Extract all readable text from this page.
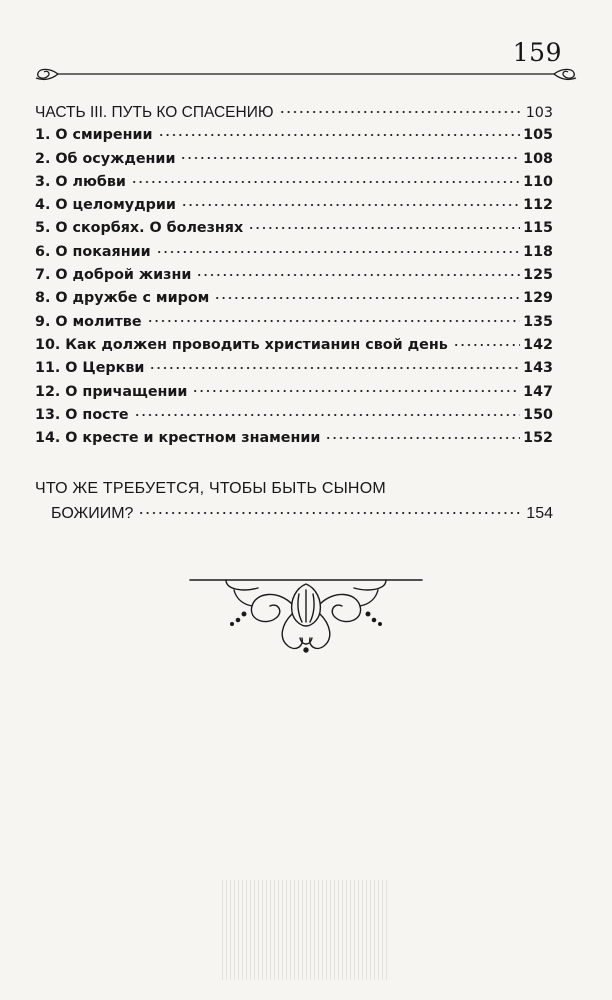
159
ЧАСТЬ III. ПУТЬ КО СПАСЕНИЮ	103
1. О смирении	105
2. Об осуждении	108
3. О любви	110
4. О целомудрии	112
5. О скорбях. О болезнях	115
6. О покаянии	118
7. О доброй жизни	125
8. О дружбе с миром	129
9. О молитве	135
10. Как должен проводить христианин свой день	142
11. О Церкви	143
12. О причащении	147
13. О посте	150
14. О кресте и крестном знамении	152
ЧТО ЖЕ ТРЕБУЕТСЯ, ЧТОБЫ БЫТЬ СЫНОМ
БОЖИИМ?	154
